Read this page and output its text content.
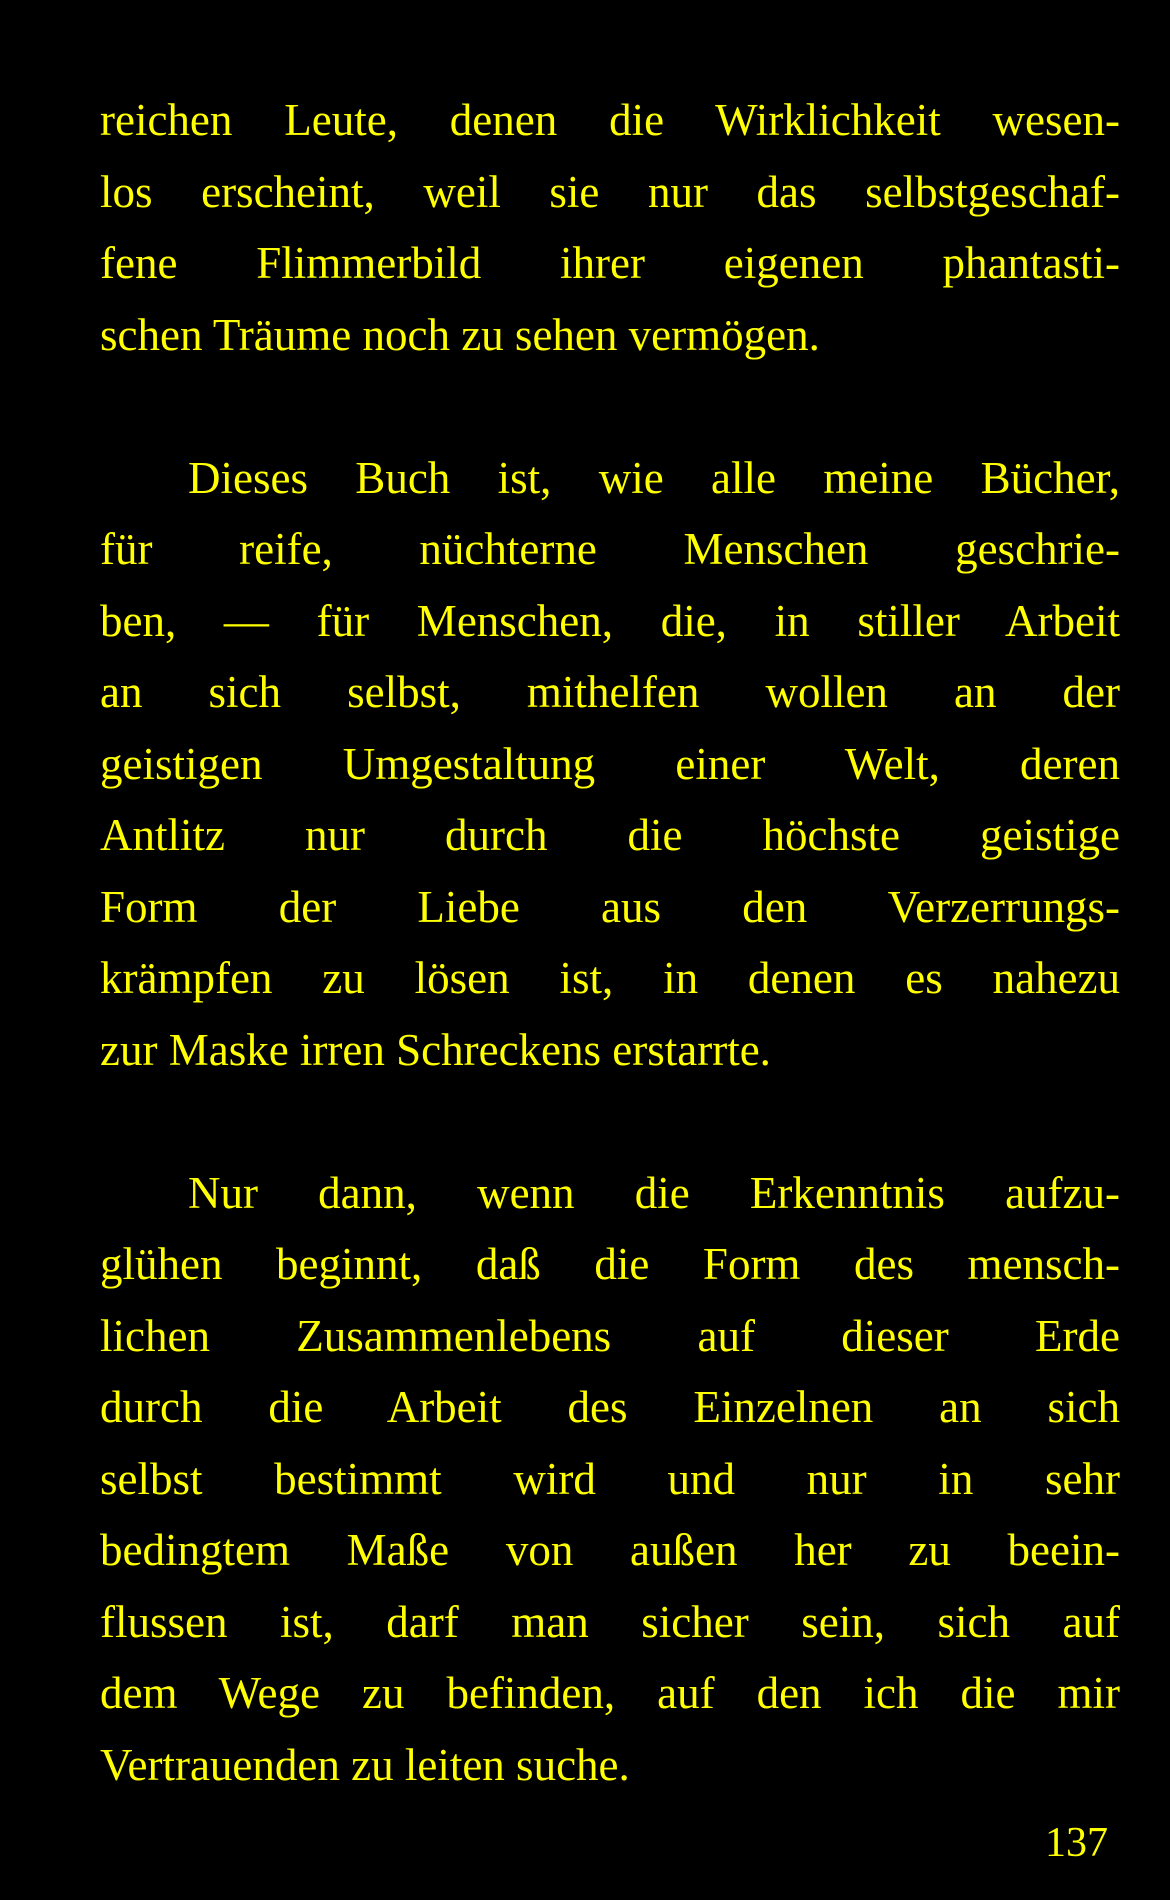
reichen Leute, denen die Wirklichkeit wesen-
los erscheint, weil sie nur das selbstgeschaf-
fene Flimmerbild ihrer eigenen phantasti-
schen Träume noch zu sehen vermögen.
Dieses Buch ist, wie alle meine Bücher,
für reife, nüchterne Menschen geschrie-
ben, — für Menschen, die, in stiller Arbeit
an sich selbst, mithelfen wollen an der
geistigen Umgestaltung einer Welt, deren
Antlitz nur durch die höchste geistige
Form der Liebe aus den Verzerrungs-
krämpfen zu lösen ist, in denen es nahezu
zur Maske irren Schreckens erstarrte.
Nur dann, wenn die Erkenntnis aufzu-
glühen beginnt, daß die Form des mensch-
lichen Zusammenlebens auf dieser Erde
durch die Arbeit des Einzelnen an sich
selbst bestimmt wird und nur in sehr
bedingtem Maße von außen her zu beein-
flussen ist, darf man sicher sein, sich auf
dem Wege zu befinden, auf den ich die mir
Vertrauenden zu leiten suche.
137
